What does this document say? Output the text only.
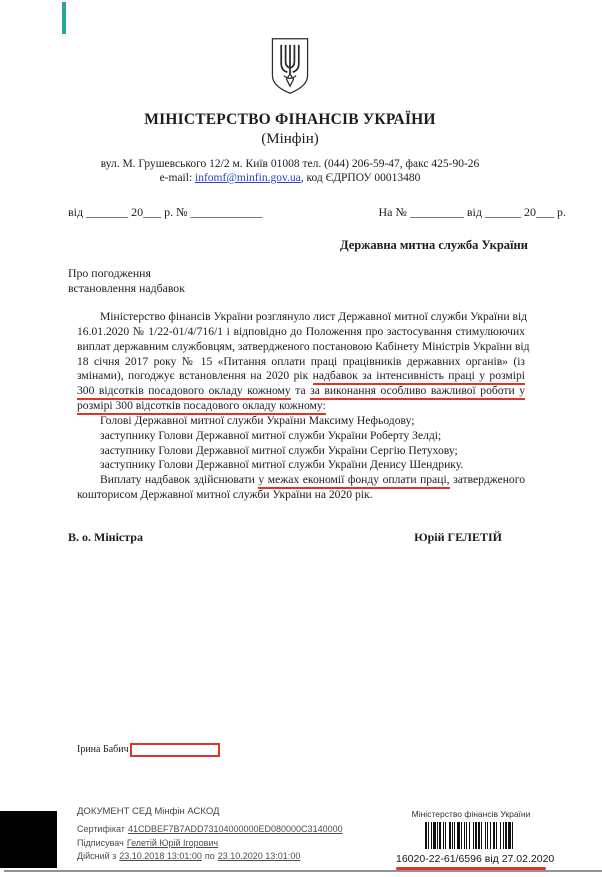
МІНІСТЕРСТВО ФІНАНСІВ УКРАЇНИ
(Мінфін)
вул. М. Грушевського 12/2 м. Київ 01008 тел. (044) 206-59-47, факс 425-90-26
e-mail: infomf@minfin.gov.ua, код ЄДРПОУ 00013480
від _______ 20___ р. № ____________	На № _________ від ______ 20___ р.
Державна митна служба України
Про погодження
встановлення надбавок
Міністерство фінансів України розглянуло лист Державної митної служби України від
16.01.2020 № 1/22-01/4/716/1 і відповідно до Положення про застосування стимулюючих
виплат державним службовцям, затвердженого постановою Кабінету Міністрів України від
18 січня 2017 року № 15 «Питання оплати праці працівників державних органів» (із
змінами), погоджує встановлення на 2020 рік надбавок за інтенсивність праці у розмірі
300 відсотків посадового окладу кожному та за виконання особливо важливої роботи у
розмірі 300 відсотків посадового окладу кожному:
Голові Державної митної служби України Максиму Нефьодову;
заступнику Голови Державної митної служби України Роберту Зелді;
заступнику Голови Державної митної служби України Сергію Петухову;
заступнику Голови Державної митної служби України Денису Шендрику.
Виплату надбавок здійснювати у межах економії фонду оплати праці, затвердженого
кошторисом Державної митної служби України на 2020 рік.
В. о. Міністра	Юрій ГЕЛЕТІЙ
Ірина Бабич
ДОКУМЕНТ СЕД Мінфін АСКОД
Сертифікат 41CDBEF7B7ADD73104000000ED080000C3140000
Підписувач Гелетій Юрій Ігорович
Дійсний з 23.10.2018 13:01:00 по 23.10.2020 13:01:00
Міністерство фінансів України
16020-22-61/6596 від 27.02.2020
